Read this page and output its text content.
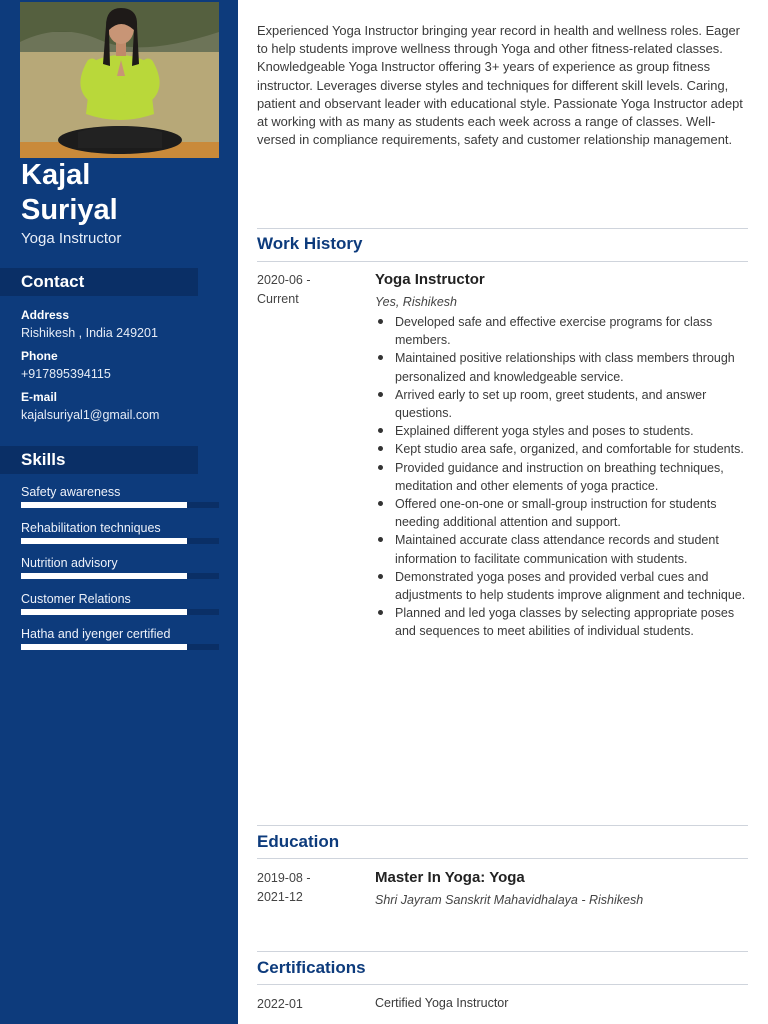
Kajal
Suriyal
Yoga Instructor
Contact
Address
Rishikesh , India 249201
Phone
+917895394115
E-mail
kajalsuriyal1@gmail.com
Skills
Safety awareness
Rehabilitation techniques
Nutrition advisory
Customer Relations
Hatha and iyenger certified
Experienced Yoga Instructor bringing year record in health and wellness roles. Eager to help students improve wellness through Yoga and other fitness-related classes. Knowledgeable Yoga Instructor offering 3+ years of experience as group fitness instructor. Leverages diverse styles and techniques for different skill levels. Caring, patient and observant leader with educational style. Passionate Yoga Instructor adept at working with as many as students each week across a range of classes. Well-versed in compliance requirements, safety and customer relationship management.
Work History
2020-06 -
Current
Yoga Instructor
Yes, Rishikesh
Developed safe and effective exercise programs for class members.
Maintained positive relationships with class members through personalized and knowledgeable service.
Arrived early to set up room, greet students, and answer questions.
Explained different yoga styles and poses to students.
Kept studio area safe, organized, and comfortable for students.
Provided guidance and instruction on breathing techniques, meditation and other elements of yoga practice.
Offered one-on-one or small-group instruction for students needing additional attention and support.
Maintained accurate class attendance records and student information to facilitate communication with students.
Demonstrated yoga poses and provided verbal cues and adjustments to help students improve alignment and technique.
Planned and led yoga classes by selecting appropriate poses and sequences to meet abilities of individual students.
Education
2019-08 -
2021-12
Master In Yoga: Yoga
Shri Jayram Sanskrit Mahavidhalaya - Rishikesh
Certifications
2022-01	Certified Yoga Instructor
